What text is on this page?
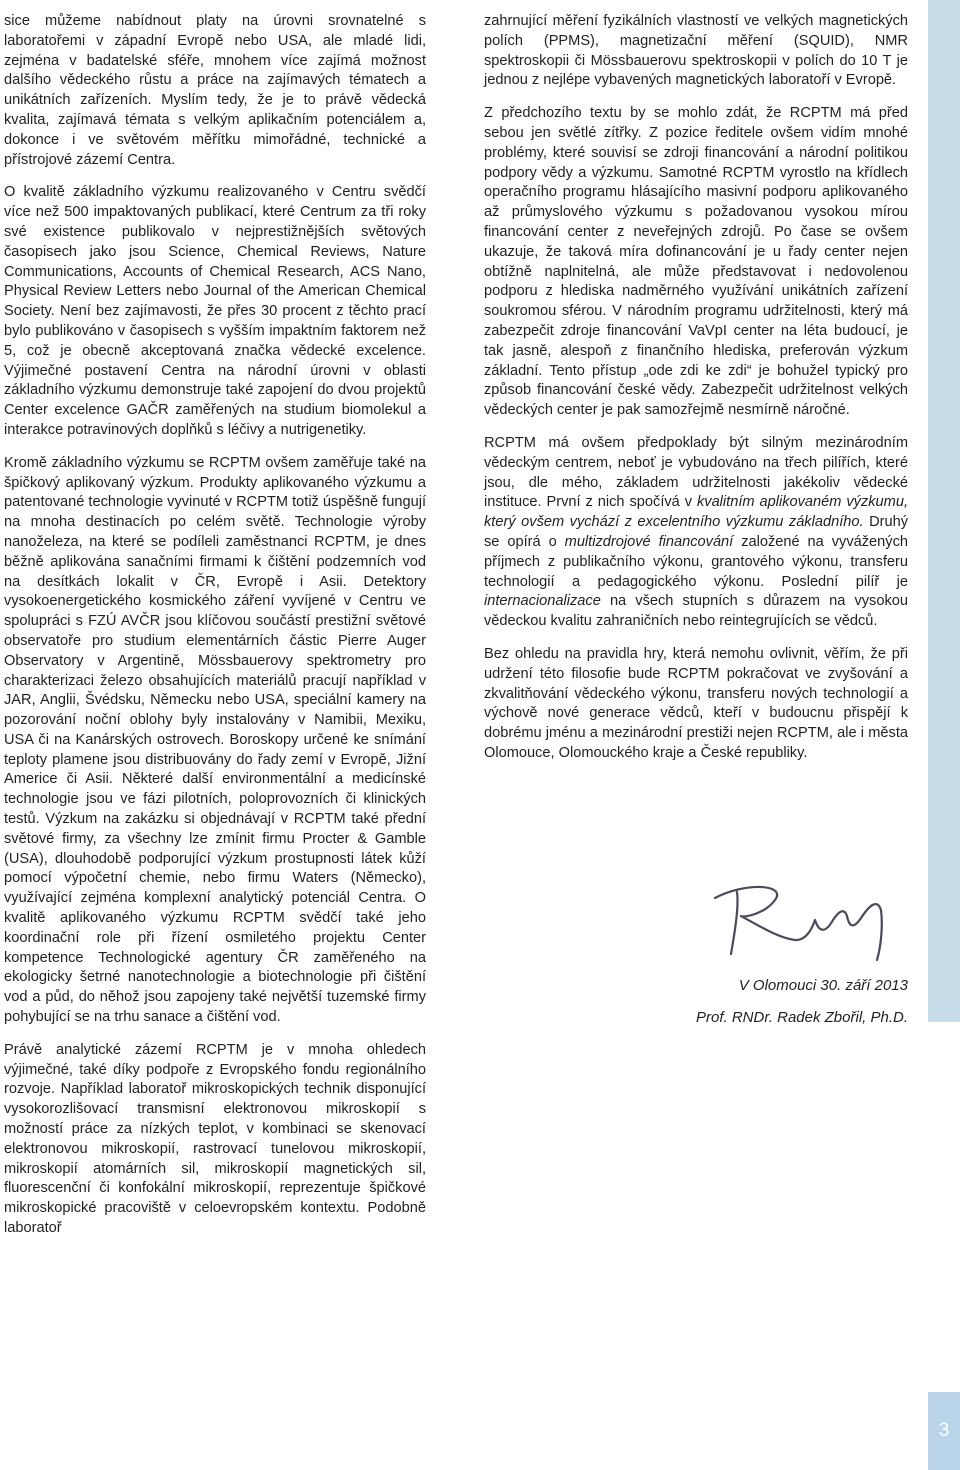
sice můžeme nabídnout platy na úrovni srovnatelné s laboratořemi v západní Evropě nebo USA, ale mladé lidi, zejména v badatelské sféře, mnohem více zajímá možnost dalšího vědeckého růstu a práce na zajímavých tématech a unikátních zařízeních. Myslím tedy, že je to právě vědecká kvalita, zajímavá témata s velkým aplikačním potenciálem a, dokonce i ve světovém měřítku mimořádné, technické a přístrojové zázemí Centra.

O kvalitě základního výzkumu realizovaného v Centru svědčí více než 500 impaktovaných publikací, které Centrum za tři roky své existence publikovalo v nejprestižnějších světových časopisech jako jsou Science, Chemical Reviews, Nature Communications, Accounts of Chemical Research, ACS Nano, Physical Review Letters nebo Journal of the American Chemical Society. Není bez zajímavosti, že přes 30 procent z těchto prací bylo publikováno v časopisech s vyšším impaktním faktorem než 5, což je obecně akceptovaná značka vědecké excelence. Výjimečné postavení Centra na národní úrovni v oblasti základního výzkumu demonstruje také zapojení do dvou projektů Center excelence GAČR zaměřených na studium biomolekul a interakce potravinových doplňků s léčivy a nutrigenetiky.

Kromě základního výzkumu se RCPTM ovšem zaměřuje také na špičkový aplikovaný výzkum. Produkty aplikovaného výzkumu a patentované technologie vyvinuté v RCPTM totiž úspěšně fungují na mnoha destinacích po celém světě. Technologie výroby nanoželeza, na které se podíleli zaměstnanci RCPTM, je dnes běžně aplikována sanačními firmami k čištění podzemních vod na desítkách lokalit v ČR, Evropě i Asii. Detektory vysokoenergetického kosmického záření vyvíjené v Centru ve spolupráci s FZÚ AVČR jsou klíčovou součástí prestižní světové observatoře pro studium elementárních částic Pierre Auger Observatory v Argentině, Mössbauerovy spektrometry pro charakterizaci železo obsahujících materiálů pracují například v JAR, Anglii, Švédsku, Německu nebo USA, speciální kamery na pozorování noční oblohy byly instalovány v Namibii, Mexiku, USA či na Kanárských ostrovech. Boroskopy určené ke snímání teploty plamene jsou distribuovány do řady zemí v Evropě, Jižní Americe či Asii. Některé další environmentální a medicínské technologie jsou ve fázi pilotních, poloprovozních či klinických testů. Výzkum na zakázku si objednávají v RCPTM také přední světové firmy, za všechny lze zmínit firmu Procter & Gamble (USA), dlouhodobě podporující výzkum prostupnosti látek kůží pomocí výpočetní chemie, nebo firmu Waters (Německo), využívající zejména komplexní analytický potenciál Centra. O kvalitě aplikovaného výzkumu RCPTM svědčí také jeho koordinační role při řízení osmiletého projektu Center kompetence Technologické agentury ČR zaměřeného na ekologicky šetrné nanotechnologie a biotechnologie při čištění vod a půd, do něhož jsou zapojeny také největší tuzemské firmy pohybující se na trhu sanace a čištění vod.

Právě analytické zázemí RCPTM je v mnoha ohledech výjimečné, také díky podpoře z Evropského fondu regionálního rozvoje. Například laboratoř mikroskopických technik disponující vysokorozlišovací transmisní elektronovou mikroskopií s možností práce za nízkých teplot, v kombinaci se skenovací elektronovou mikroskopií, rastrovací tunelovou mikroskopií, mikroskopií atomárních sil, mikroskopií magnetických sil, fluorescenční či konfokální mikroskopií, reprezentuje špičkové mikroskopické pracoviště v celoevropském kontextu. Podobně laboratoř

zahrnující měření fyzikálních vlastností ve velkých magnetických polích (PPMS), magnetizační měření (SQUID), NMR spektroskopii či Mössbauerovu spektroskopii v polích do 10 T je jednou z nejlépe vybavených magnetických laboratoří v Evropě.

Z předchozího textu by se mohlo zdát, že RCPTM má před sebou jen světlé zítřky. Z pozice ředitele ovšem vidím mnohé problémy, které souvisí se zdroji financování a národní politikou podpory vědy a výzkumu. Samotné RCPTM vyrostlo na křídlech operačního programu hlásajícího masivní podporu aplikovaného až průmyslového výzkumu s požadovanou vysokou mírou financování center z neveřejných zdrojů. Po čase se ovšem ukazuje, že taková míra dofinancování je u řady center nejen obtížně naplnitelná, ale může představovat i nedovolenou podporu z hlediska nadměrného využívání unikátních zařízení soukromou sférou. V národním programu udržitelnosti, který má zabezpečit zdroje financování VaVpI center na léta budoucí, je tak jasně, alespoň z finančního hlediska, preferován výzkum základní. Tento přístup „ode zdi ke zdi“ je bohužel typický pro způsob financování české vědy. Zabezpečit udržitelnost velkých vědeckých center je pak samozřejmě nesmírně náročné.

RCPTM má ovšem předpoklady být silným mezinárodním vědeckým centrem, neboť je vybudováno na třech pilířích, které jsou, dle mého, základem udržitelnosti jakékoliv vědecké instituce. První z nich spočívá v kvalitním aplikovaném výzkumu, který ovšem vychází z excelentního výzkumu základního. Druhý se opírá o multizdrojové financování založené na vyvážených příjmech z publikačního výkonu, grantového výkonu, transferu technologií a pedagogického výkonu. Poslední pilíř je internacionalizace na všech stupních s důrazem na vysokou vědeckou kvalitu zahraničních nebo reintegrujících se vědců.

Bez ohledu na pravidla hry, která nemohu ovlivnit, věřím, že při udržení této filosofie bude RCPTM pokračovat ve zvyšování a zkvalitňování vědeckého výkonu, transferu nových technologií a výchově nové generace vědců, kteří v budoucnu přispějí k dobrému jménu a mezinárodní prestiži nejen RCPTM, ale i města Olomouce, Olomouckého kraje a České republiky.

V Olomouci 30. září 2013
Prof. RNDr. Radek Zbořil, Ph.D.
3
